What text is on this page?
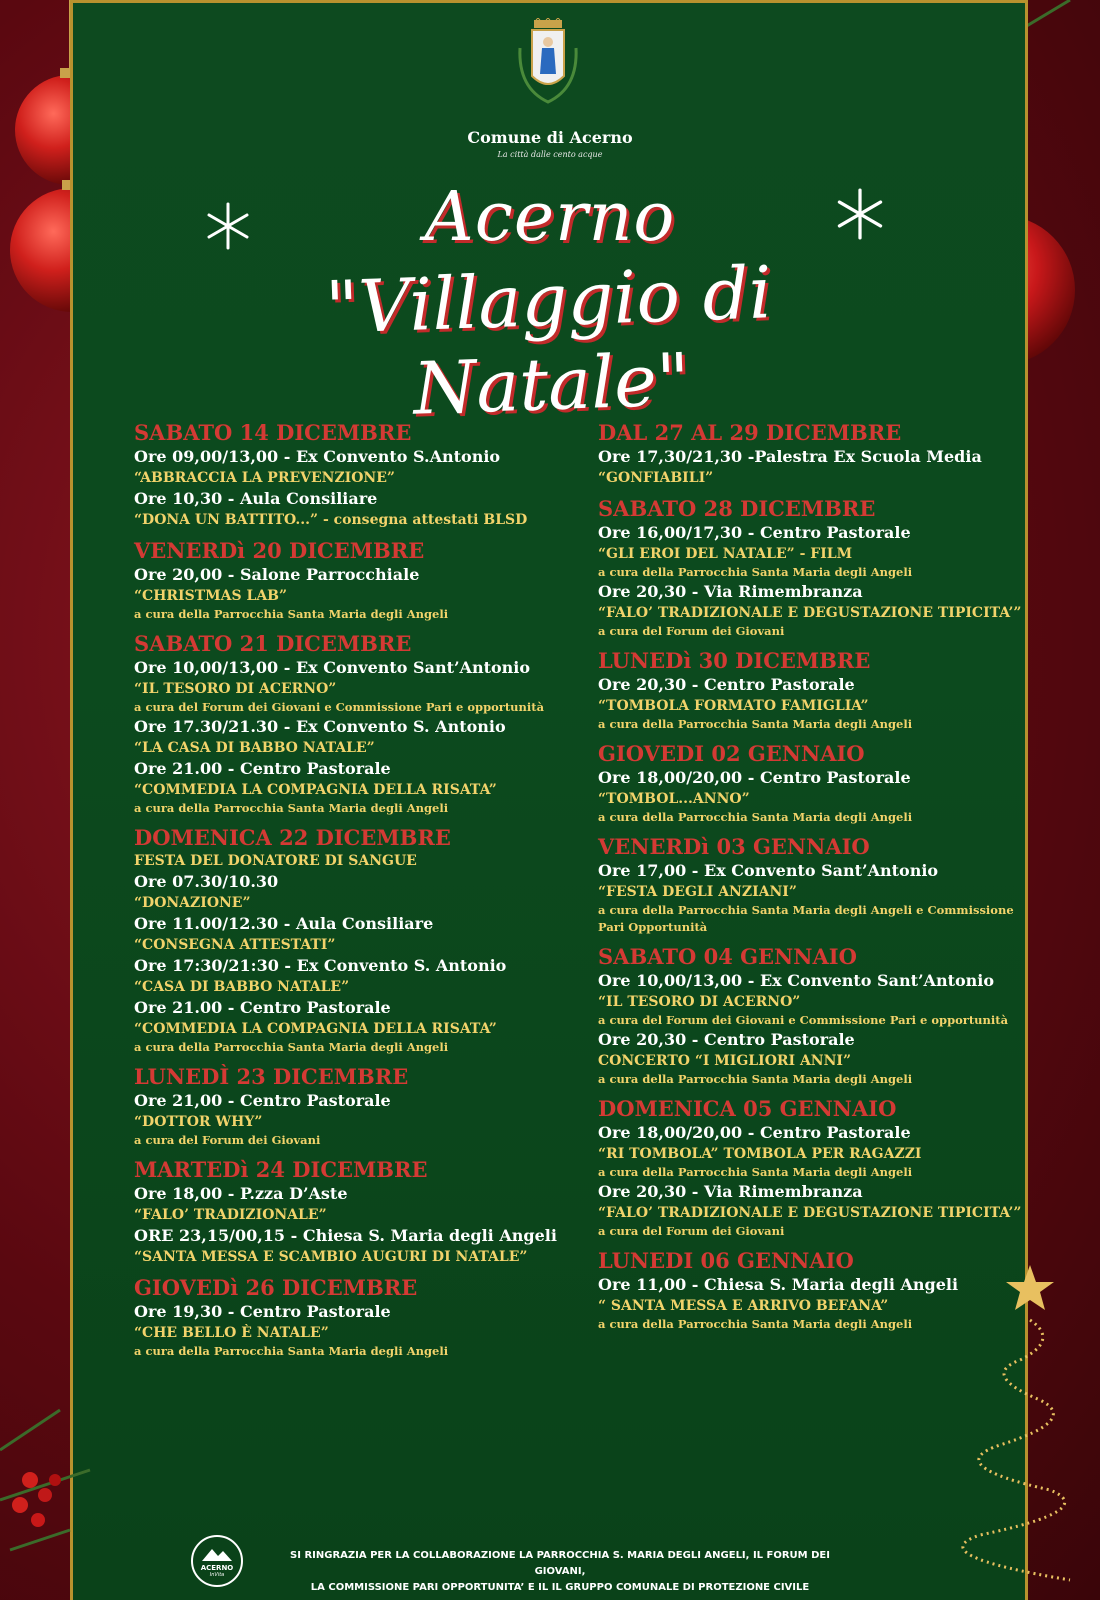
Comune di Acerno
La città dalle cento acque
Acerno
"Villaggio di Natale"
SABATO 14 DICEMBRE
Ore 09,00/13,00 - Ex Convento S.Antonio
“ABBRACCIA LA PREVENZIONE”
Ore 10,30 - Aula Consiliare
“DONA UN BATTITO...” - consegna attestati BLSD
VENERDì 20 DICEMBRE
Ore 20,00 - Salone Parrocchiale
“CHRISTMAS LAB”
a cura della Parrocchia Santa Maria degli Angeli
SABATO 21 DICEMBRE
Ore 10,00/13,00 - Ex Convento Sant’Antonio
“IL TESORO DI ACERNO”
a cura del Forum dei Giovani e Commissione Pari e opportunità
Ore 17.30/21.30 - Ex Convento S. Antonio
“LA CASA DI BABBO NATALE”
Ore 21.00 - Centro Pastorale
“COMMEDIA LA COMPAGNIA DELLA RISATA”
a cura della Parrocchia Santa Maria degli Angeli
DOMENICA 22 DICEMBRE
FESTA DEL DONATORE DI SANGUE
Ore 07.30/10.30
“DONAZIONE”
Ore 11.00/12.30 - Aula Consiliare
“CONSEGNA ATTESTATI”
Ore 17:30/21:30 - Ex Convento S. Antonio
“CASA DI BABBO NATALE”
Ore 21.00 - Centro Pastorale
“COMMEDIA LA COMPAGNIA DELLA RISATA”
a cura della Parrocchia Santa Maria degli Angeli
LUNEDÌ 23 DICEMBRE
Ore 21,00 - Centro Pastorale
“DOTTOR WHY”
a cura del Forum dei Giovani
MARTEDì 24 DICEMBRE
Ore 18,00 - P.zza D’Aste
“FALO’ TRADIZIONALE”
ORE 23,15/00,15 - Chiesa S. Maria degli Angeli
“SANTA MESSA E SCAMBIO AUGURI DI NATALE”
GIOVEDì 26 DICEMBRE
Ore 19,30 - Centro Pastorale
“CHE BELLO È NATALE”
a cura della Parrocchia Santa Maria degli Angeli
DAL 27 AL 29 DICEMBRE
Ore 17,30/21,30 -Palestra Ex Scuola Media
“GONFIABILI”
SABATO 28 DICEMBRE
Ore 16,00/17,30 - Centro Pastorale
“GLI EROI DEL NATALE” - FILM
a cura della Parrocchia Santa Maria degli Angeli
Ore 20,30 - Via Rimembranza
“FALO’ TRADIZIONALE E DEGUSTAZIONE TIPICITA’”
a cura del Forum dei Giovani
LUNEDì 30 DICEMBRE
Ore 20,30 - Centro Pastorale
“TOMBOLA FORMATO FAMIGLIA”
a cura della Parrocchia Santa Maria degli Angeli
GIOVEDI 02 GENNAIO
Ore 18,00/20,00 - Centro Pastorale
“TOMBOL...ANNO”
a cura della Parrocchia Santa Maria degli Angeli
VENERDì 03 GENNAIO
Ore 17,00 - Ex Convento Sant’Antonio
“FESTA DEGLI ANZIANI”
a cura della Parrocchia Santa Maria degli Angeli e Commissione
Pari Opportunità
SABATO 04 GENNAIO
Ore 10,00/13,00 - Ex Convento Sant’Antonio
“IL TESORO DI ACERNO”
a cura del Forum dei Giovani e Commissione Pari e opportunità
Ore 20,30 - Centro Pastorale
CONCERTO “I MIGLIORI ANNI”
a cura della Parrocchia Santa Maria degli Angeli
DOMENICA 05 GENNAIO
Ore 18,00/20,00 - Centro Pastorale
“RI TOMBOLA” TOMBOLA PER RAGAZZI
a cura della Parrocchia Santa Maria degli Angeli
Ore 20,30 - Via Rimembranza
“FALO’ TRADIZIONALE E DEGUSTAZIONE TIPICITA’”
a cura del Forum dei Giovani
LUNEDI 06 GENNAIO
Ore 11,00 - Chiesa S. Maria degli Angeli
“ SANTA MESSA E ARRIVO BEFANA”
a cura della Parrocchia Santa Maria degli Angeli
ACERNO
InVita
SI RINGRAZIA PER LA COLLABORAZIONE LA PARROCCHIA S. MARIA DEGLI ANGELI, IL FORUM DEI GIOVANI,
LA COMMISSIONE PARI OPPORTUNITA’ E IL IL GRUPPO COMUNALE DI PROTEZIONE CIVILE
